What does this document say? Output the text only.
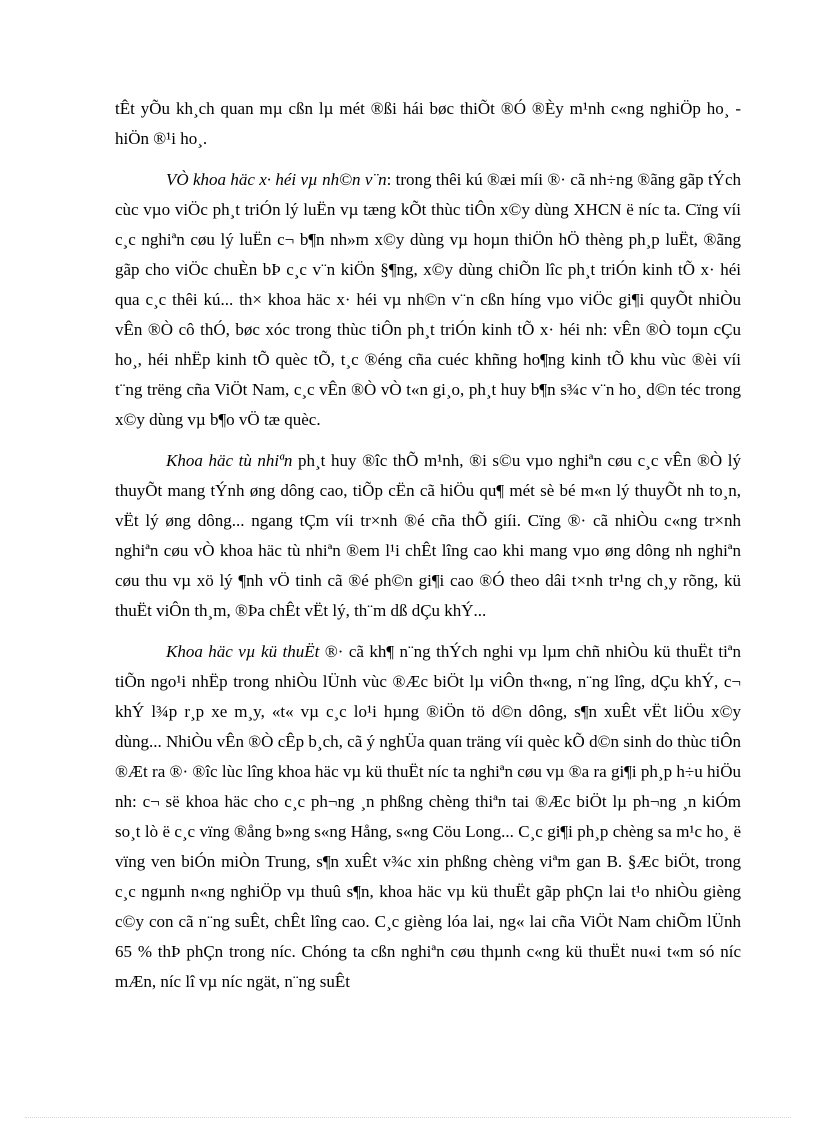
tÊt yÕu kh¸ch quan mµ cßn lµ mét ®ßi hái bøc thiÕt ®Ó ®Èy m¹nh c«ng nghiÖp ho¸ - hiÖn ®¹i ho¸.

VÒ khoa häc x· héi vµ nh©n v¨n: trong thêi kú ®æi míi ®· cã nh÷ng ®ãng gãp tÝch cùc vµo viÖc ph¸t triÓn lý luËn vµ tæng kÕt thùc tiÔn x©y dùng XHCN ë níc ta. Cïng víi c¸c nghiªn cøu lý luËn c¬ b¶n nh»m x©y dùng vµ hoµn thiÖn hÖ thèng ph¸p luËt, ®ãng gãp cho viÖc chuÈn bÞ c¸c v¨n kiÖn §¶ng, x©y dùng chiÕn lîc ph¸t triÓn kinh tÕ x· héi qua c¸c thêi kú... th× khoa häc x· héi vµ nh©n v¨n cßn híng vµo viÖc gi¶i quyÕt nhiÒu vÊn ®Ò cô thÓ, bøc xóc trong thùc tiÔn ph¸t triÓn kinh tÕ x· héi nh: vÊn ®Ò toµn cÇu ho¸, héi nhËp kinh tÕ quèc tÕ, t¸c ®éng cña cuéc khñng ho¶ng kinh tÕ khu vùc ®èi víi t¨ng trëng cña ViÖt Nam, c¸c vÊn ®Ò vÒ t«n gi¸o, ph¸t huy b¶n s¾c v¨n ho¸ d©n téc trong x©y dùng vµ b¶o vÖ tæ quèc.

Khoa häc tù nhiªn ph¸t huy ®îc thÕ m¹nh, ®i s©u vµo nghiªn cøu c¸c vÊn ®Ò lý thuyÕt mang tÝnh øng dông cao, tiÕp cËn cã hiÖu qu¶ mét sè bé m«n lý thuyÕt nh to¸n, vËt lý øng dông... ngang tÇm víi tr×nh ®é cña thÕ giíi. Cïng ®· cã nhiÒu c«ng tr×nh nghiªn cøu vÒ khoa häc tù nhiªn ®em l¹i chÊt lîng cao khi mang vµo øng dông nh nghiªn cøu thu vµ xö lý ¶nh vÖ tinh cã ®é ph©n gi¶i cao ®Ó theo dâi t×nh tr¹ng ch¸y rõng, kü thuËt viÔn th¸m, ®Þa chÊt vËt lý, th¨m dß dÇu khÝ...

Khoa häc vµ kü thuËt ®· cã kh¶ n¨ng thÝch nghi vµ lµm chñ nhiÒu kü thuËt tiªn tiÕn ngo¹i nhËp trong nhiÒu lÜnh vùc ®Æc biÖt lµ viÔn th«ng, n¨ng lîng, dÇu khÝ, c¬ khÝ l¾p r¸p xe m¸y, «t« vµ c¸c lo¹i hµng ®iÖn tö d©n dông, s¶n xuÊt vËt liÖu x©y dùng... NhiÒu vÊn ®Ò cÊp b¸ch, cã ý nghÜa quan träng víi quèc kÕ d©n sinh do thùc tiÔn ®Æt ra ®· ®îc lùc lîng khoa häc vµ kü thuËt níc ta nghiªn cøu vµ ®a ra gi¶i ph¸p h÷u hiÖu nh: c¬ së khoa häc cho c¸c ph¬ng ¸n phßng chèng thiªn tai ®Æc biÖt lµ ph¬ng ¸n kiÓm so¸t lò ë c¸c vïng ®ång b»ng s«ng Hång, s«ng Cöu Long... C¸c gi¶i ph¸p chèng sa m¹c ho¸ ë vïng ven biÓn miÒn Trung, s¶n xuÊt v¾c xin phßng chèng viªm gan B. §Æc biÖt, trong c¸c ngµnh n«ng nghiÖp vµ thuû s¶n, khoa häc vµ kü thuËt gãp phÇn lai t¹o nhiÒu gièng c©y con cã n¨ng suÊt, chÊt lîng cao. C¸c gièng lóa lai, ng« lai cña ViÖt Nam chiÕm lÜnh 65 % thÞ phÇn trong níc. Chóng ta cßn nghiªn cøu thµnh c«ng kü thuËt nu«i t«m só níc mÆn, níc lî vµ níc ngät, n¨ng suÊt
